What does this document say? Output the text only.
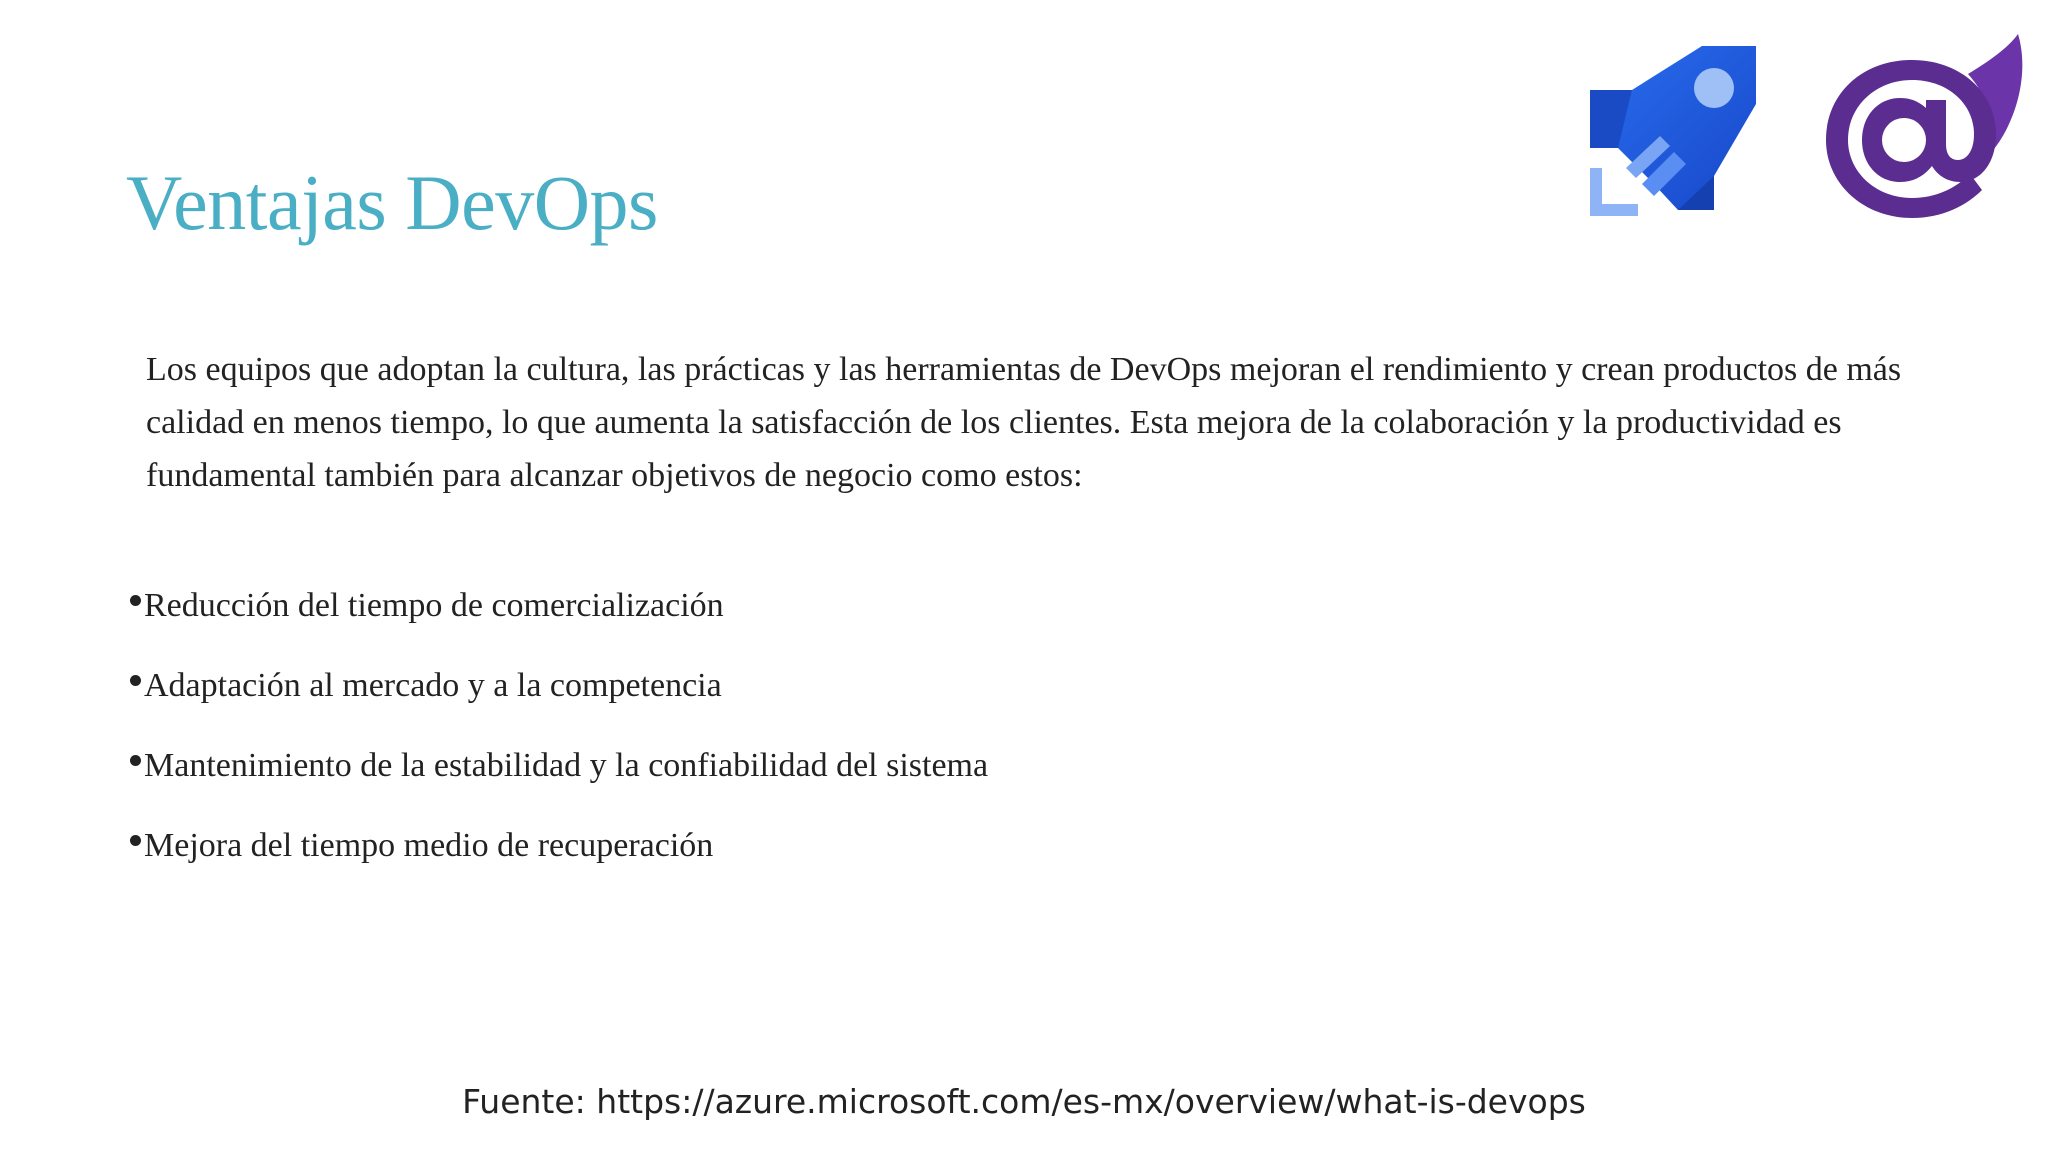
Ventajas DevOps

Los equipos que adoptan la cultura, las prácticas y las herramientas de DevOps mejoran el rendimiento y crean productos de más calidad en menos tiempo, lo que aumenta la satisfacción de los clientes. Esta mejora de la colaboración y la productividad es fundamental también para alcanzar objetivos de negocio como estos:

Reducción del tiempo de comercialización
Adaptación al mercado y a la competencia
Mantenimiento de la estabilidad y la confiabilidad del sistema
Mejora del tiempo medio de recuperación

Fuente: https://azure.microsoft.com/es-mx/overview/what-is-devops
